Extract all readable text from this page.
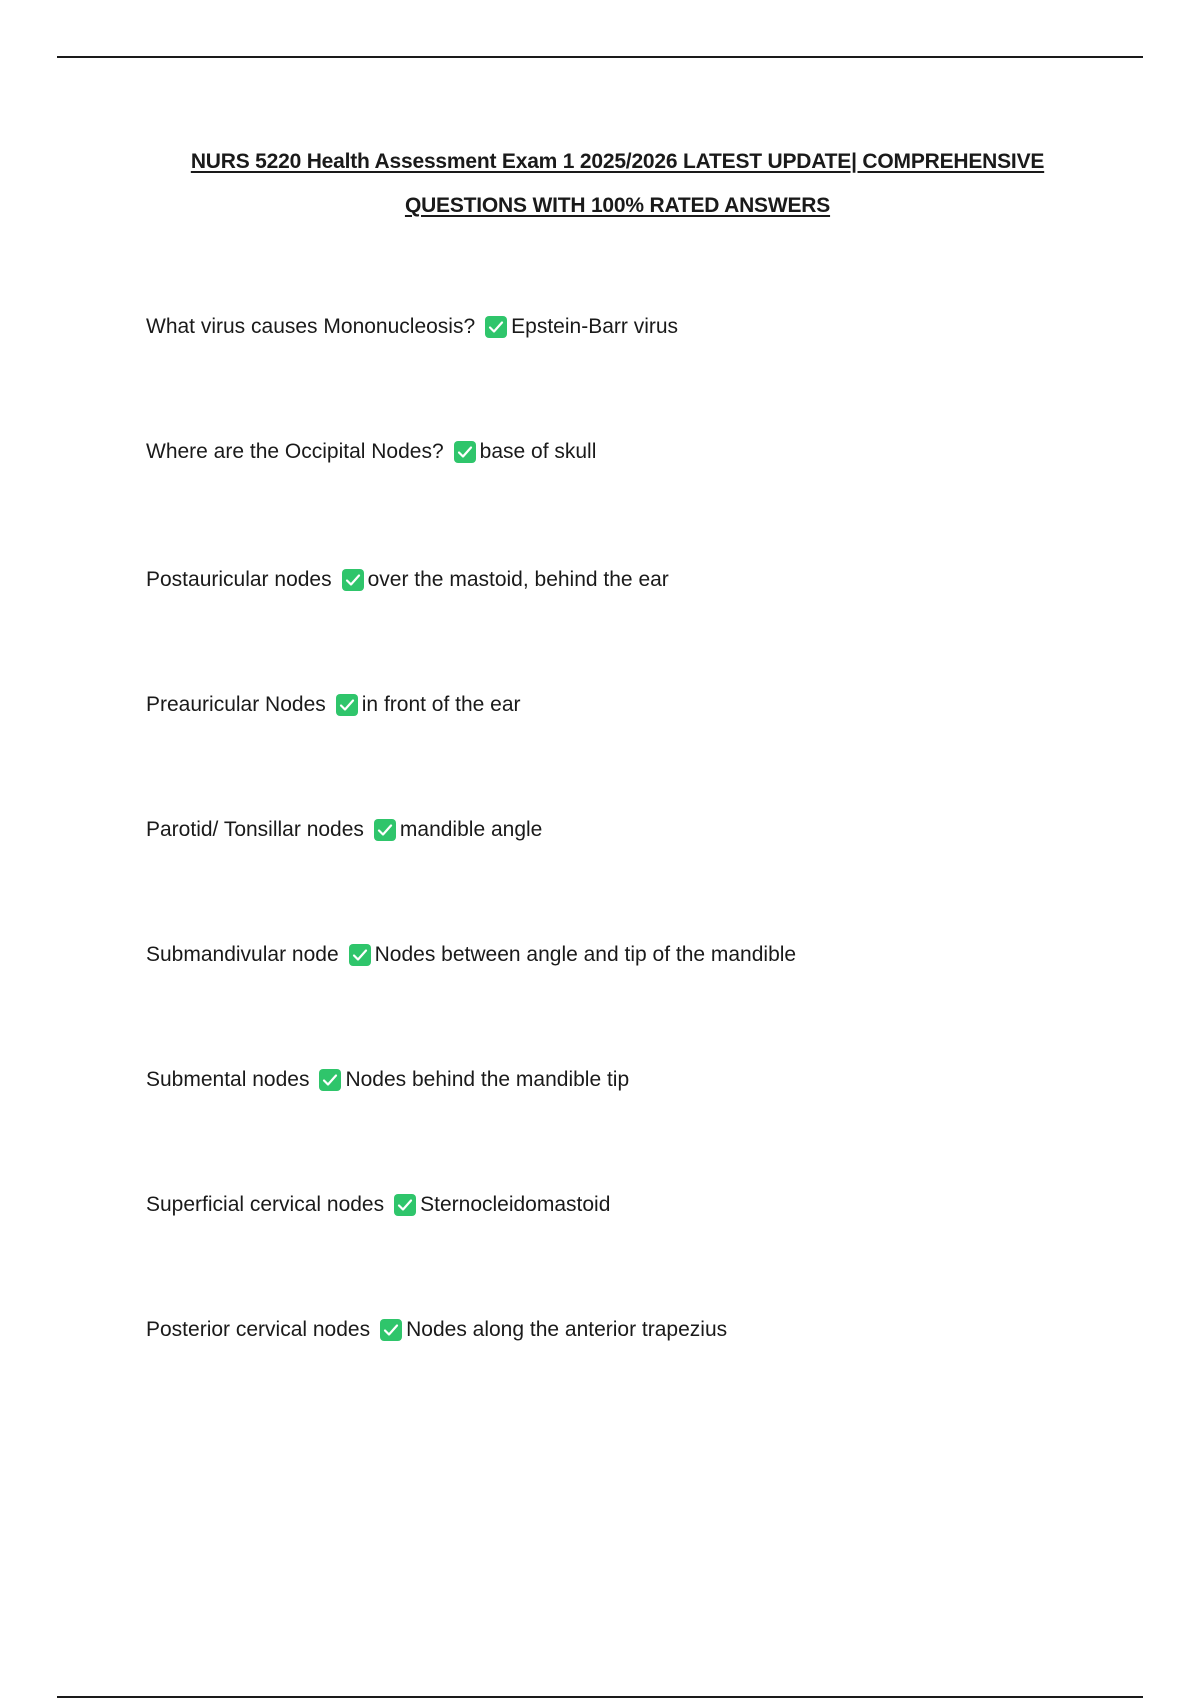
NURS 5220 Health Assessment Exam 1 2025/2026 LATEST UPDATE| COMPREHENSIVE
QUESTIONS WITH 100% RATED ANSWERS
What virus causes Mononucleosis? Epstein-Barr virus
Where are the Occipital Nodes? base of skull
Postauricular nodes over the mastoid, behind the ear
Preauricular Nodes in front of the ear
Parotid/ Tonsillar nodes mandible angle
Submandivular node Nodes between angle and tip of the mandible
Submental nodes Nodes behind the mandible tip
Superficial cervical nodes Sternocleidomastoid
Posterior cervical nodes Nodes along the anterior trapezius
